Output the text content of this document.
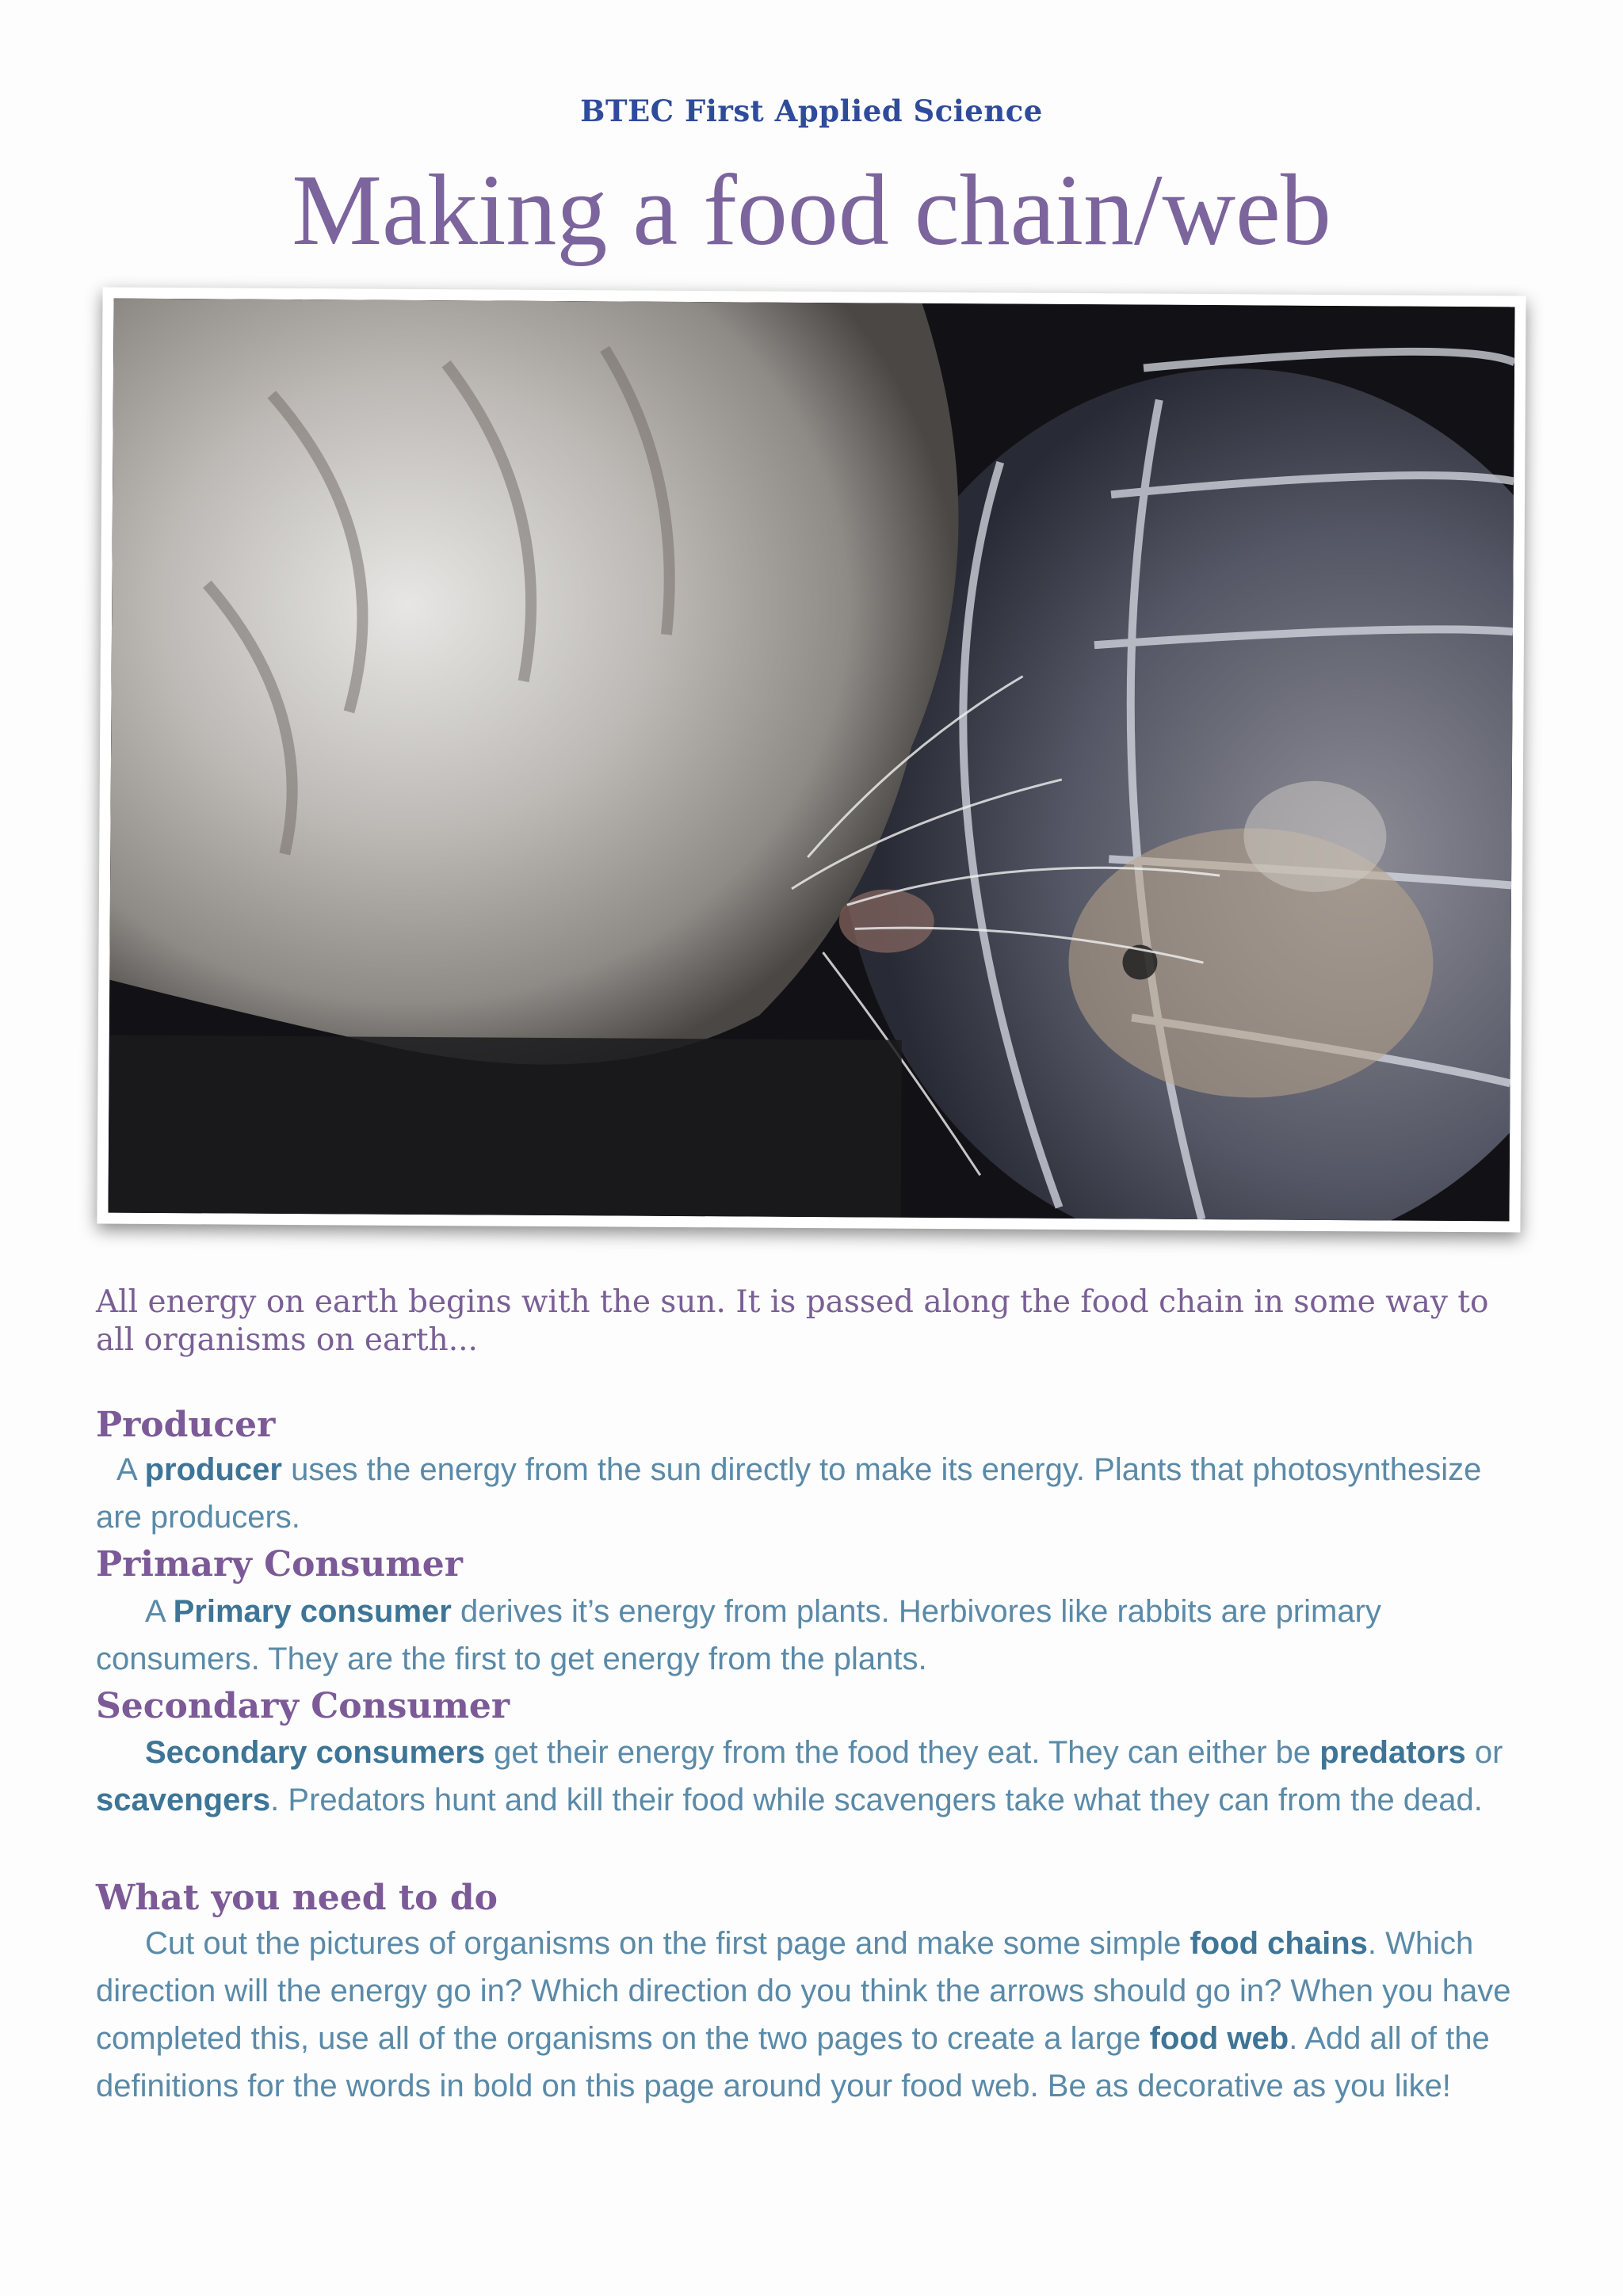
BTEC First Applied Science
Making a food chain/web
All energy on earth begins with the sun. It is passed along the food chain in some way to all organisms on earth...
Producer
A producer uses the energy from the sun directly to make its energy. Plants that photosynthesize are producers.
Primary Consumer
A Primary consumer derives it’s energy from plants. Herbivores like rabbits are primary consumers. They are the first to get energy from the plants.
Secondary Consumer
Secondary consumers get their energy from the food they eat. They can either be predators or scavengers. Predators hunt and kill their food while scavengers take what they can from the dead.
What you need to do
Cut out the pictures of organisms on the first page and make some simple food chains. Which direction will the energy go in? Which direction do you think the arrows should go in? When you have completed this, use all of the organisms on the two pages to create a large food web. Add all of the definitions for the words in bold on this page around your food web. Be as decorative as you like!
